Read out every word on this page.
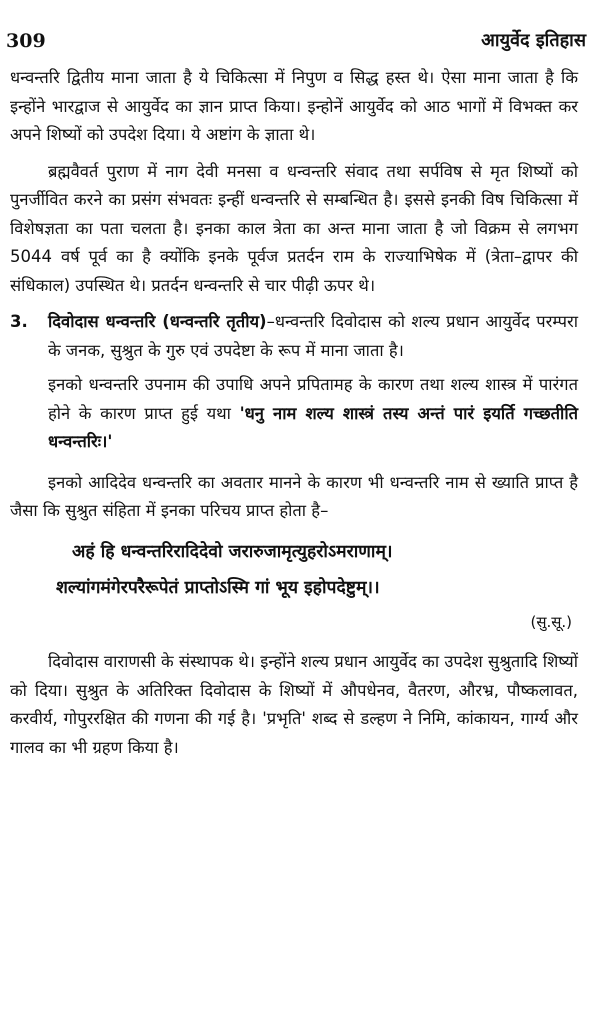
309	आयुर्वेद इतिहास

धन्वन्तरि द्वितीय माना जाता है ये चिकित्सा में निपुण व सिद्ध हस्त थे। ऐसा माना जाता है कि इन्होंने भारद्वाज से आयुर्वेद का ज्ञान प्राप्त किया। इन्होनें आयुर्वेद को आठ भागों में विभक्त कर अपने शिष्यों को उपदेश दिया। ये अष्टांग के ज्ञाता थे।

ब्रह्मवैवर्त पुराण में नाग देवी मनसा व धन्वन्तरि संवाद तथा सर्पविष से मृत शिष्यों को पुनर्जीवित करने का प्रसंग संभवतः इन्हीं धन्वन्तरि से सम्बन्धित है। इससे इनकी विष चिकित्सा में विशेषज्ञता का पता चलता है। इनका काल त्रेता का अन्त माना जाता है जो विक्रम से लगभग 5044 वर्ष पूर्व का है क्योंकि इनके पूर्वज प्रतर्दन राम के राज्याभिषेक में (त्रेता–द्वापर की संधिकाल) उपस्थित थे। प्रतर्दन धन्वन्तरि से चार पीढ़ी ऊपर थे।

3.	दिवोदास धन्वन्तरि (धन्वन्तरि तृतीय)–धन्वन्तरि दिवोदास को शल्य प्रधान आयुर्वेद परम्परा के जनक, सुश्रुत के गुरु एवं उपदेष्टा के रूप में माना जाता है।

इनको धन्वन्तरि उपनाम की उपाधि अपने प्रपितामह के कारण तथा शल्य शास्त्र में पारंगत होने के कारण प्राप्त हुई यथा 'धनु नाम शल्य शास्त्रं तस्य अन्तं पारं इयर्ति गच्छतीति धन्वन्तरिः।'

इनको आदिदेव धन्वन्तरि का अवतार मानने के कारण भी धन्वन्तरि नाम से ख्याति प्राप्त है जैसा कि सुश्रुत संहिता में इनका परिचय प्राप्त होता है–

अहं हि धन्वन्तरिरादिदेवो जरारुजामृत्युहरोऽमराणाम्।
शल्यांगमंगेरपरैरूपेतं प्राप्तोऽस्मि गां भूय इहोपदेष्टुम्।।
(सु.सू.)

दिवोदास वाराणसी के संस्थापक थे। इन्होंने शल्य प्रधान आयुर्वेद का उपदेश सुश्रुतादि शिष्यों को दिया। सुश्रुत के अतिरिक्त दिवोदास के शिष्यों में औपधेनव, वैतरण, औरभ्र, पौष्कलावत, करवीर्य, गोपुररक्षित की गणना की गई है। 'प्रभृति' शब्द से डल्हण ने निमि, कांकायन, गार्ग्य और गालव का भी ग्रहण किया है।
